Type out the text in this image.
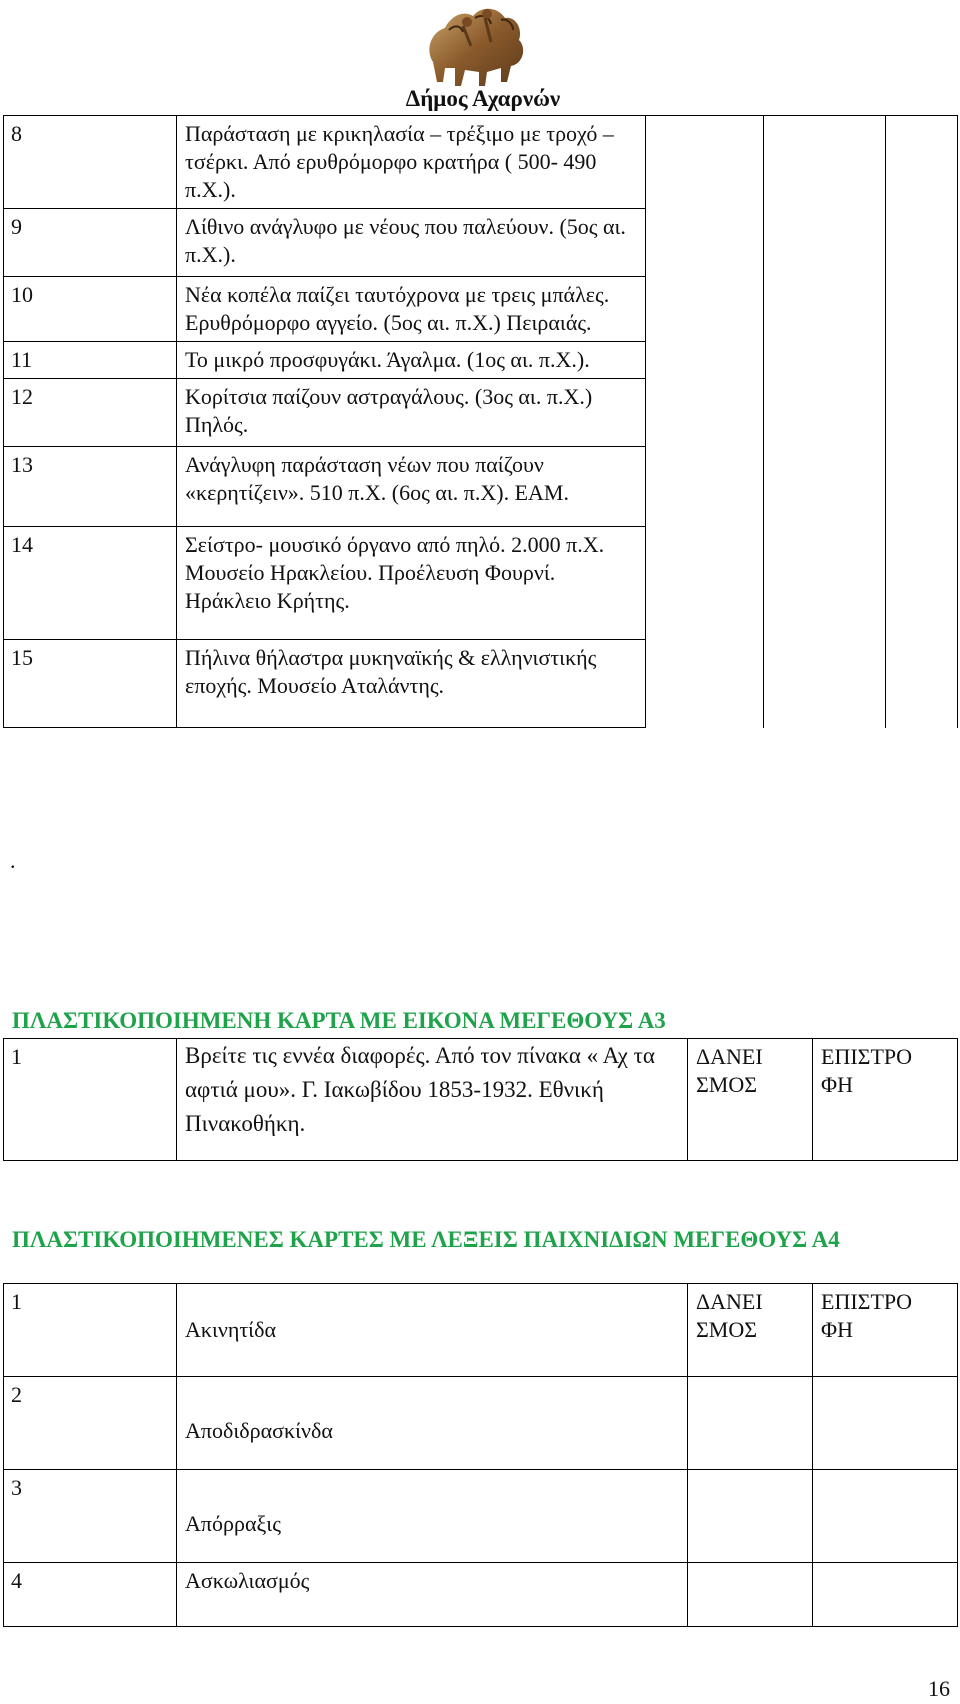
Δήμος Αχαρνών
8	Παράσταση με κρικηλασία – τρέξιμο με τροχό – τσέρκι. Από ερυθρόμορφο κρατήρα ( 500- 490 π.Χ.).			
9	Λίθινο ανάγλυφο με νέους που παλεύουν. (5ος αι. π.Χ.).			
10	Νέα κοπέλα παίζει ταυτόχρονα με τρεις μπάλες. Ερυθρόμορφο αγγείο. (5ος αι. π.Χ.) Πειραιάς.			
11	Το μικρό προσφυγάκι. Άγαλμα. (1ος αι. π.Χ.).			
12	Κορίτσια παίζουν αστραγάλους. (3ος αι. π.Χ.) Πηλός.			
13	Ανάγλυφη παράσταση νέων που παίζουν «κερητίζειν». 510 π.Χ. (6ος αι. π.Χ). ΕΑΜ.			
14	Σείστρο- μουσικό όργανο από πηλό. 2.000 π.Χ. Μουσείο Ηρακλείου. Προέλευση Φουρνί. Ηράκλειο Κρήτης.			
15	Πήλινα θήλαστρα μυκηναϊκής & ελληνιστικής εποχής. Μουσείο Αταλάντης.			
.
ΠΛΑΣΤΙΚΟΠΟΙΗΜΕΝΗ ΚΑΡΤΑ ΜΕ ΕΙΚΟΝΑ ΜΕΓΕΘΟΥΣ Α3
1	Βρείτε τις εννέα διαφορές. Από τον πίνακα « Αχ τα αφτιά μου». Γ. Ιακωβίδου 1853-1932. Εθνική Πινακοθήκη.	ΔΑΝΕΙ ΣΜΟΣ	ΕΠΙΣΤΡΟ ΦΗ
ΠΛΑΣΤΙΚΟΠΟΙΗΜΕΝΕΣ ΚΑΡΤΕΣ ΜΕ ΛΕΞΕΙΣ ΠΑΙΧΝΙΔΙΩΝ ΜΕΓΕΘΟΥΣ Α4
1	Ακινητίδα	ΔΑΝΕΙ ΣΜΟΣ	ΕΠΙΣΤΡΟ ΦΗ
2	Αποδιδρασκίνδα		

3	Απόρραξις		

4	Ασκωλιασμός		

16
